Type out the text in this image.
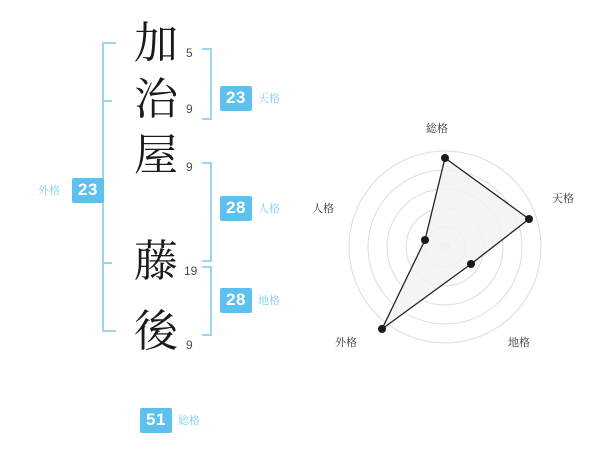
23
外格
加 5
治 9
屋 9
藤 19
後 9
23	天格
28	人格
28	地格
51	総格
総格
天格
地格
外格
人格
